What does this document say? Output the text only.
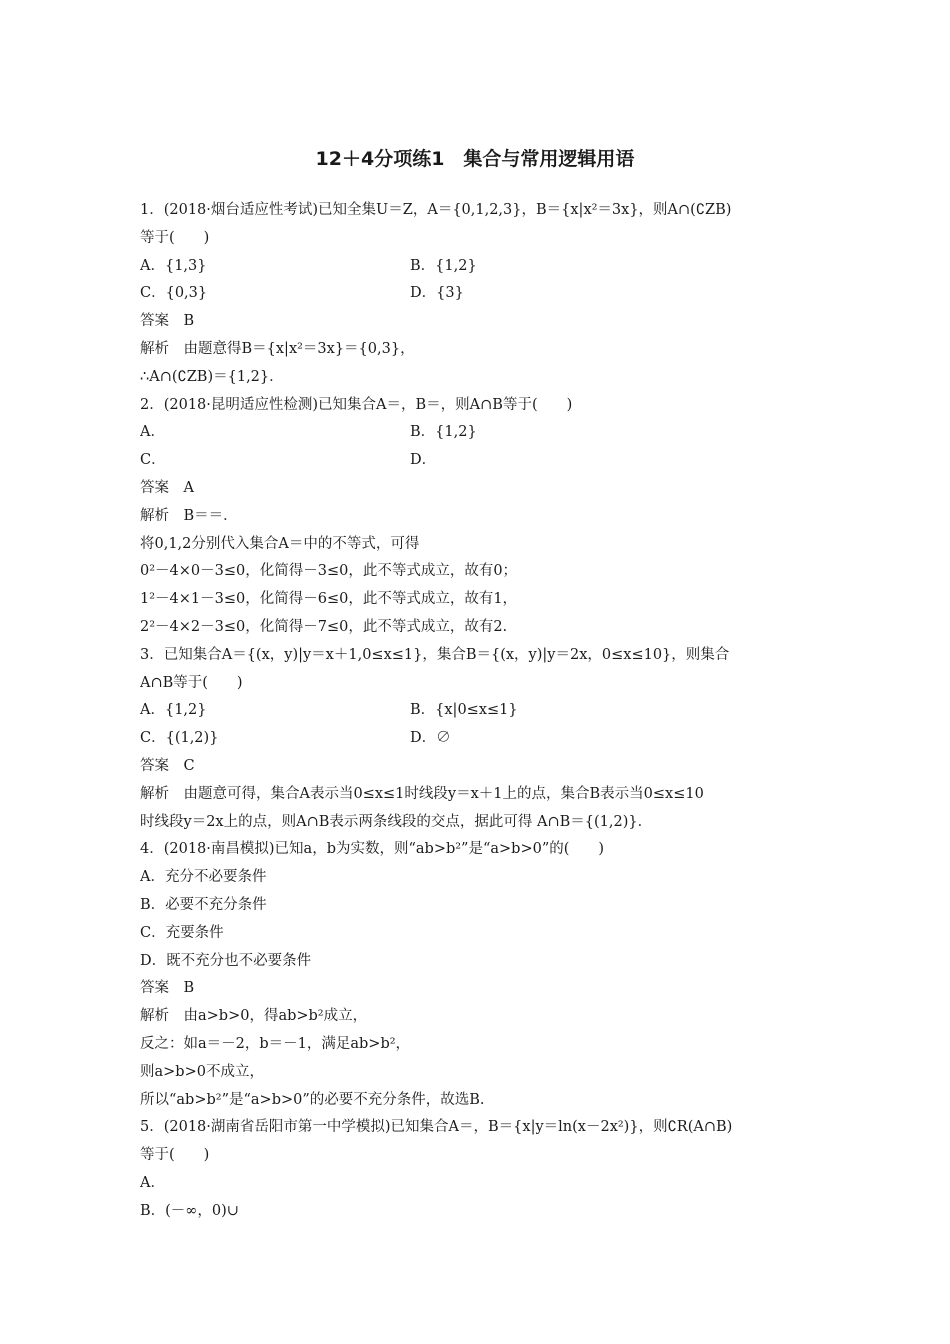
12＋4分项练1　集合与常用逻辑用语
1．(2018·烟台适应性考试)已知全集U＝Z，A＝{0,1,2,3}，B＝{x|x²＝3x}，则A∩(∁ZB)
等于(　　)
A．{1,3}	B．{1,2}
C．{0,3}	D．{3}
答案　B
解析　由题意得B＝{x|x²＝3x}＝{0,3}，
∴A∩(∁ZB)＝{1,2}．
2．(2018·昆明适应性检测)已知集合A＝，B＝，则A∩B等于(　　)
A．	B．{1,2}
C．	D．
答案　A
解析　B＝＝．
将0,1,2分别代入集合A＝中的不等式，可得
0²－4×0－3≤0，化简得－3≤0，此不等式成立，故有0；
1²－4×1－3≤0，化简得－6≤0，此不等式成立，故有1，
2²－4×2－3≤0，化简得－7≤0，此不等式成立，故有2.
3．已知集合A＝{(x，y)|y＝x＋1,0≤x≤1}，集合B＝{(x，y)|y＝2x，0≤x≤10}，则集合
A∩B等于(　　)
A．{1,2}	B．{x|0≤x≤1}
C．{(1,2)}	D．∅
答案　C
解析　由题意可得，集合A表示当0≤x≤1时线段y＝x＋1上的点，集合B表示当0≤x≤10
时线段y＝2x上的点，则A∩B表示两条线段的交点，据此可得 A∩B＝{(1,2)}．
4．(2018·南昌模拟)已知a，b为实数，则“ab>b²”是“a>b>0”的(　　)
A．充分不必要条件
B．必要不充分条件
C．充要条件
D．既不充分也不必要条件
答案　B
解析　由a>b>0，得ab>b²成立，
反之：如a＝－2，b＝－1，满足ab>b²，
则a>b>0不成立，
所以“ab>b²”是“a>b>0”的必要不充分条件，故选B.
5．(2018·湖南省岳阳市第一中学模拟)已知集合A＝，B＝{x|y＝ln(x－2x²)}，则∁R(A∩B)
等于(　　)
A．
B．(－∞，0)∪
